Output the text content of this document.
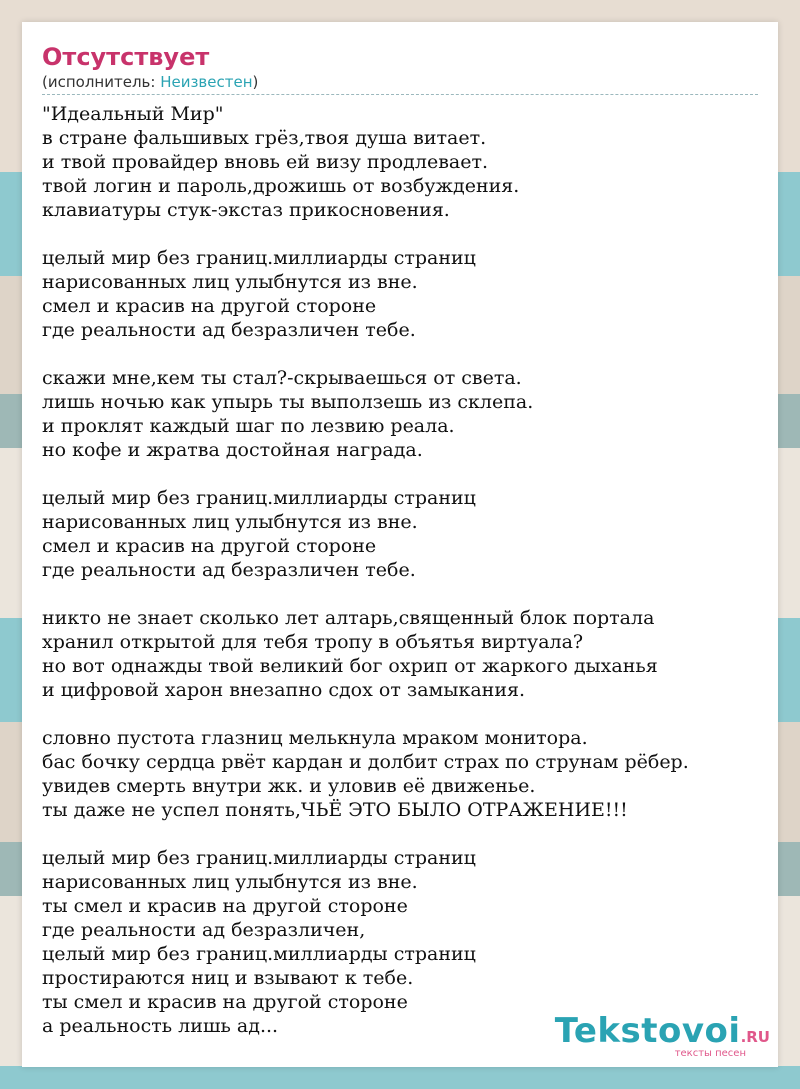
Отсутствует
(исполнитель: Неизвестен)
"Идеальный Мир"
в стране фальшивых грёз,твоя душа витает.
и твой провайдер вновь ей визу продлевает.
твой логин и пароль,дрожишь от возбуждения.
клавиатуры стук-экстаз прикосновения.
целый мир без границ.миллиарды страниц
нарисованных лиц улыбнутся из вне.
смел и красив на другой стороне
где реальности ад безразличен тебе.
скажи мне,кем ты стал?-скрываешься от света.
лишь ночью как упырь ты выползешь из склепа.
и проклят каждый шаг по лезвию реала.
но кофе и жратва достойная награда.
целый мир без границ.миллиарды страниц
нарисованных лиц улыбнутся из вне.
смел и красив на другой стороне
где реальности ад безразличен тебе.
никто не знает сколько лет алтарь,священный блок портала
хранил открытой для тебя тропу в объятья виртуала?
но вот однажды твой великий бог охрип от жаркого дыханья
и цифровой харон внезапно сдох от замыкания.
словно пустота глазниц мелькнула мраком монитора.
бас бочку сердца рвёт кардан и долбит страх по струнам рёбер.
увидев смерть внутри жк. и уловив её движенье.
ты даже не успел понять,ЧЬЁ ЭТО БЫЛО ОТРАЖЕНИЕ!!!
целый мир без границ.миллиарды страниц
нарисованных лиц улыбнутся из вне.
ты смел и красив на другой стороне
где реальности ад безразличен,
целый мир без границ.миллиарды страниц
простираются ниц и взывают к тебе.
ты смел и красив на другой стороне
а реальность лишь ад...	Tekstovoi.RU
тексты песен
